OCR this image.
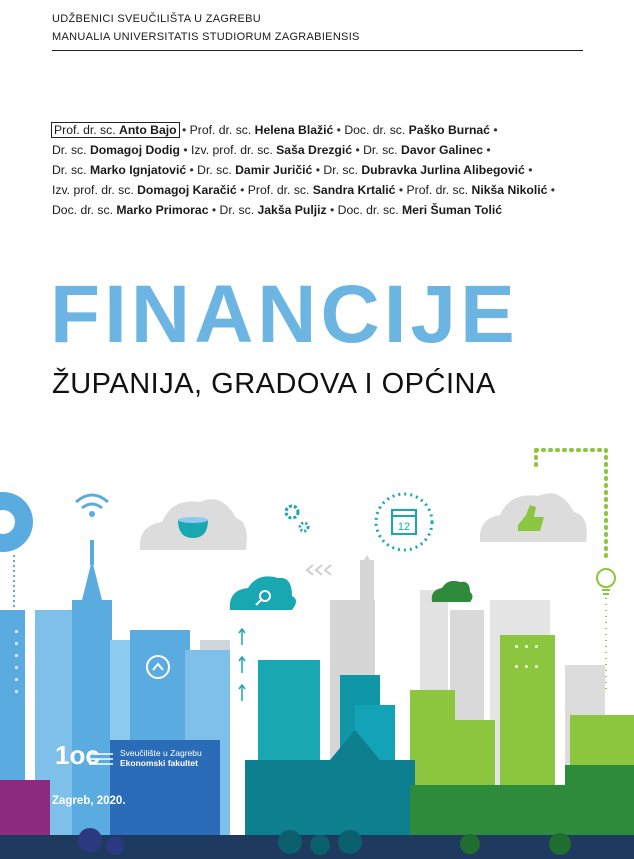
UDŽBENICI SVEUČILIŠTA U ZAGREBU
MANUALIA UNIVERSITATIS STUDIORUM ZAGRABIENSIS
Prof. dr. sc. Anto Bajo • Prof. dr. sc. Helena Blažić • Doc. dr. sc. Paško Burnać •
Dr. sc. Domagoj Dodig • Izv. prof. dr. sc. Saša Drezgić • Dr. sc. Davor Galinec •
Dr. sc. Marko Ignjatović • Dr. sc. Damir Juričić • Dr. sc. Dubravka Jurlina Alibegović •
Izv. prof. dr. sc. Domagoj Karačić • Prof. dr. sc. Sandra Krtalić • Prof. dr. sc. Nikša Nikolić •
Doc. dr. sc. Marko Primorac • Dr. sc. Jakša Puljiz • Doc. dr. sc. Meri Šuman Tolić
FINANCIJE
ŽUPANIJA, GRADOVA I OPĆINA
12
1oc Sveučilište u Zagrebu
Ekonomski fakultet
Zagreb, 2020.
